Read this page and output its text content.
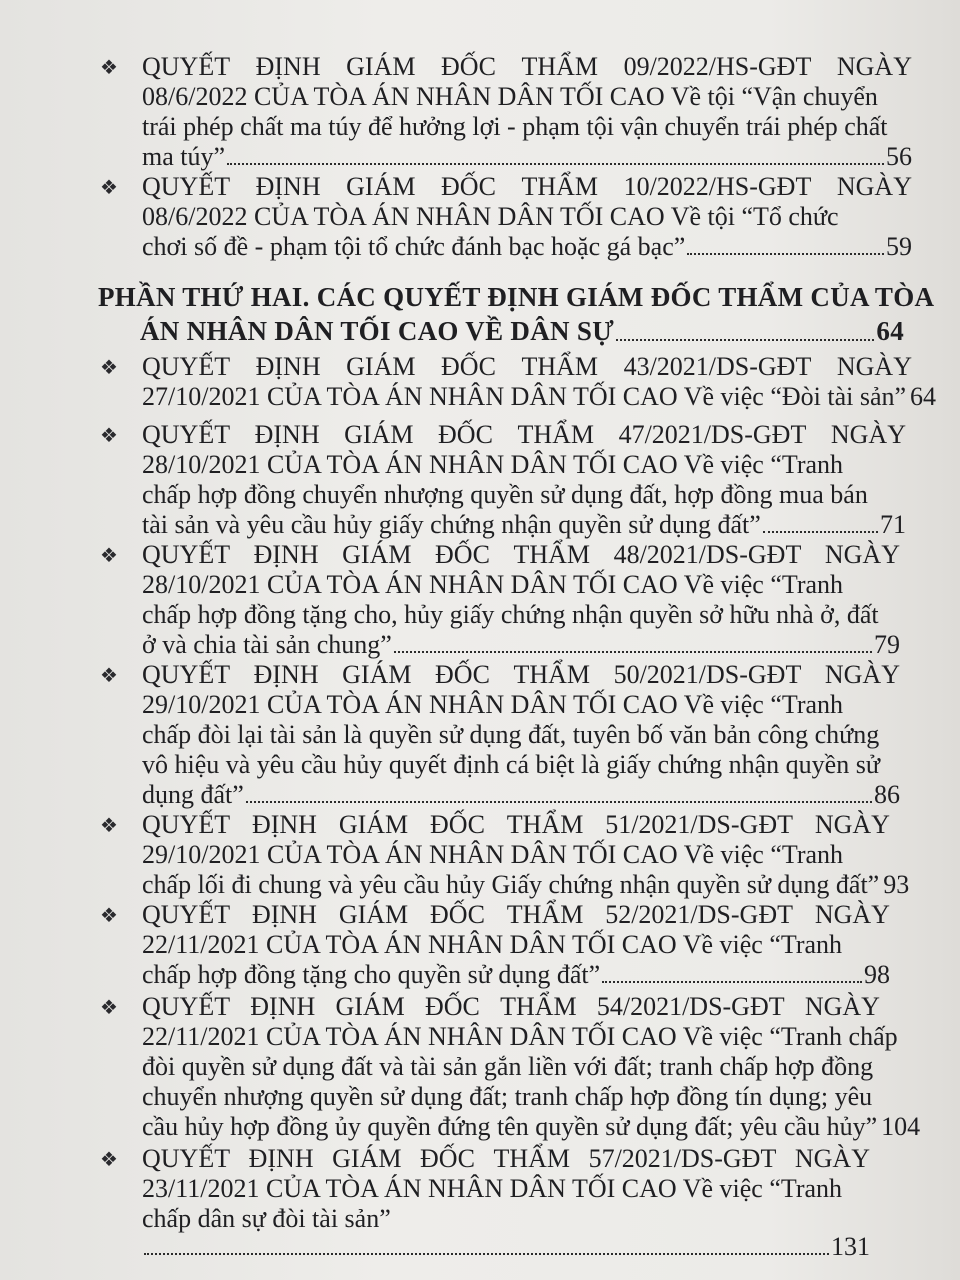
❖ QUYẾT ĐỊNH GIÁM ĐỐC THẨM 09/2022/HS-GĐT NGÀY
08/6/2022 CỦA TÒA ÁN NHÂN DÂN TỐI CAO Về tội “Vận chuyển
trái phép chất ma túy để hưởng lợi - phạm tội vận chuyển trái phép chất
ma túy”	56
❖ QUYẾT ĐỊNH GIÁM ĐỐC THẨM 10/2022/HS-GĐT NGÀY
08/6/2022 CỦA TÒA ÁN NHÂN DÂN TỐI CAO Về tội “Tổ chức
chơi số đề - phạm tội tổ chức đánh bạc hoặc gá bạc”	59
PHẦN THỨ HAI. CÁC QUYẾT ĐỊNH GIÁM ĐỐC THẨM CỦA TÒA
ÁN NHÂN DÂN TỐI CAO VỀ DÂN SỰ	64
❖ QUYẾT ĐỊNH GIÁM ĐỐC THẨM 43/2021/DS-GĐT NGÀY
27/10/2021 CỦA TÒA ÁN NHÂN DÂN TỐI CAO Về việc “Đòi tài sản” 64
❖ QUYẾT ĐỊNH GIÁM ĐỐC THẨM 47/2021/DS-GĐT NGÀY
28/10/2021 CỦA TÒA ÁN NHÂN DÂN TỐI CAO Về việc “Tranh
chấp hợp đồng chuyển nhượng quyền sử dụng đất, hợp đồng mua bán
tài sản và yêu cầu hủy giấy chứng nhận quyền sử dụng đất”	71
❖ QUYẾT ĐỊNH GIÁM ĐỐC THẨM 48/2021/DS-GĐT NGÀY
28/10/2021 CỦA TÒA ÁN NHÂN DÂN TỐI CAO Về việc “Tranh
chấp hợp đồng tặng cho, hủy giấy chứng nhận quyền sở hữu nhà ở, đất
ở và chia tài sản chung”	79
❖ QUYẾT ĐỊNH GIÁM ĐỐC THẨM 50/2021/DS-GĐT NGÀY
29/10/2021 CỦA TÒA ÁN NHÂN DÂN TỐI CAO Về việc “Tranh
chấp đòi lại tài sản là quyền sử dụng đất, tuyên bố văn bản công chứng
vô hiệu và yêu cầu hủy quyết định cá biệt là giấy chứng nhận quyền sử
dụng đất”	86
❖ QUYẾT ĐỊNH GIÁM ĐỐC THẨM 51/2021/DS-GĐT NGÀY
29/10/2021 CỦA TÒA ÁN NHÂN DÂN TỐI CAO Về việc “Tranh
chấp lối đi chung và yêu cầu hủy Giấy chứng nhận quyền sử dụng đất” 93
❖ QUYẾT ĐỊNH GIÁM ĐỐC THẨM 52/2021/DS-GĐT NGÀY
22/11/2021 CỦA TÒA ÁN NHÂN DÂN TỐI CAO Về việc “Tranh
chấp hợp đồng tặng cho quyền sử dụng đất”	98
❖ QUYẾT ĐỊNH GIÁM ĐỐC THẨM 54/2021/DS-GĐT NGÀY
22/11/2021 CỦA TÒA ÁN NHÂN DÂN TỐI CAO Về việc “Tranh chấp
đòi quyền sử dụng đất và tài sản gắn liền với đất; tranh chấp hợp đồng
chuyển nhượng quyền sử dụng đất; tranh chấp hợp đồng tín dụng; yêu
cầu hủy hợp đồng ủy quyền đứng tên quyền sử dụng đất; yêu cầu hủy” 104
❖ QUYẾT ĐỊNH GIÁM ĐỐC THẨM 57/2021/DS-GĐT NGÀY
23/11/2021 CỦA TÒA ÁN NHÂN DÂN TỐI CAO Về việc “Tranh
chấp dân sự đòi tài sản”
131
